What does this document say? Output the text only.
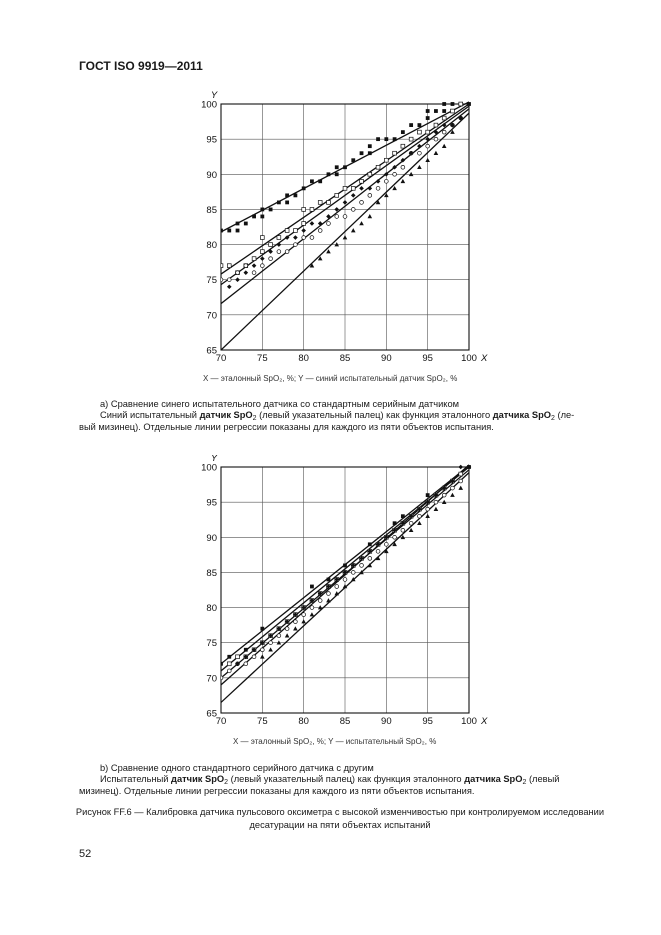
ГОСТ ISO 9919—2011
70	75	80	85	90	95	100
65
70
75
80
85
90
95
100
X
Y
X — эталонный SpO₂, %; Y — синий испытательный датчик SpO₂, %
а) Сравнение синего испытательного датчика со стандартным серийным датчиком
Синий испытательный датчик SpO$_2$ (левый указательный палец) как функция эталонного датчика SpO$_2$ (ле-
вый мизинец). Отдельные линии регрессии показаны для каждого из пяти объектов испытания.
70	75	80	85	90	95	100
65
70
75
80
85
90
95
100
X
Y
X — эталонный SpO₂, %; Y — испытательный SpO₂, %
b) Сравнение одного стандартного серийного датчика с другим
Испытательный датчик SpO$_2$ (левый указательный палец) как функция эталонного датчика SpO$_2$ (левый
мизинец). Отдельные линии регрессии показаны для каждого из пяти объектов испытания.
Рисунок FF.6 — Калибровка датчика пульсового оксиметра с высокой изменчивостью при контролируемом исследовании десатурации на пяти объектах испытаний
52
